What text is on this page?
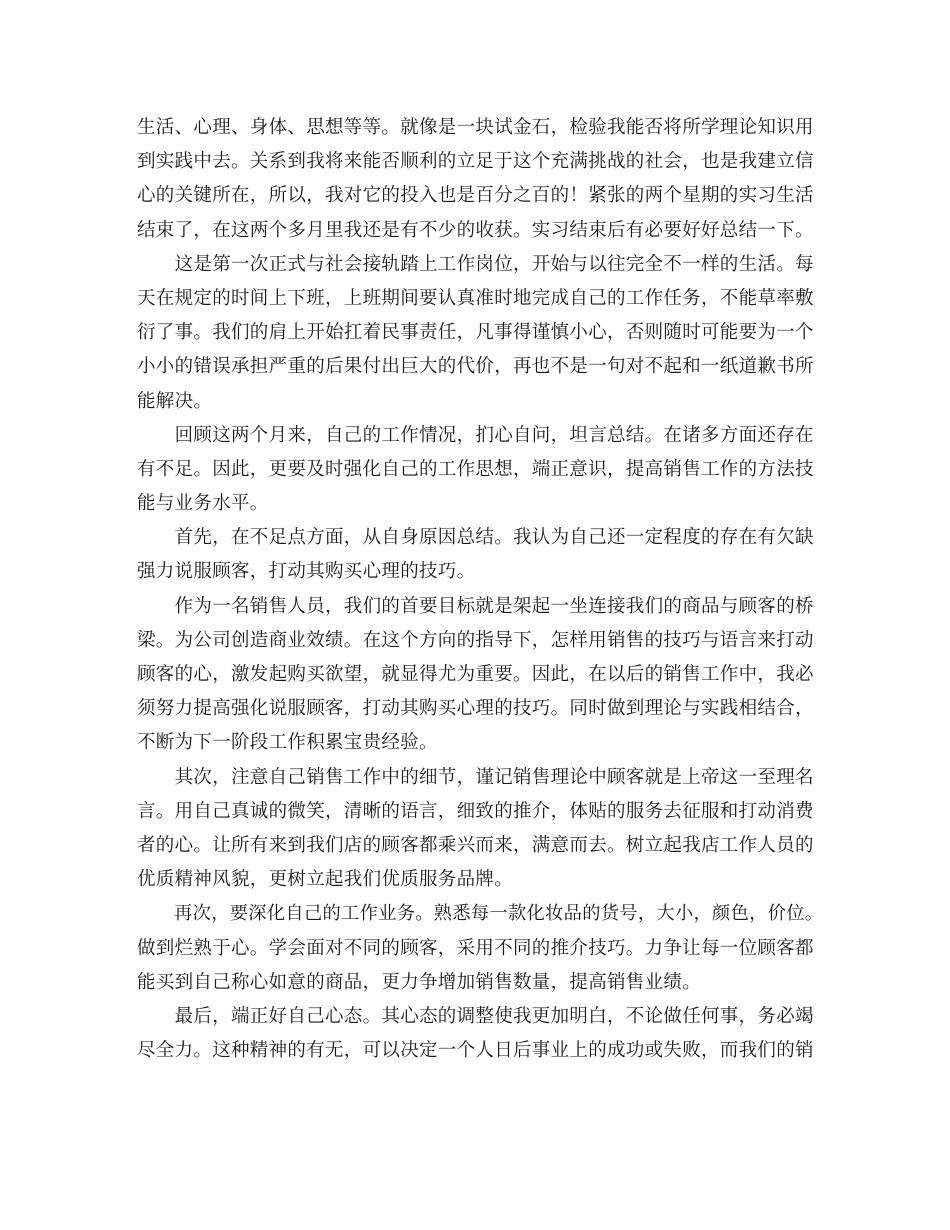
生活、心理、身体、思想等等。就像是一块试金石，检验我能否将所学理论知识用
到实践中去。关系到我将来能否顺利的立足于这个充满挑战的社会，也是我建立信
心的关键所在，所以，我对它的投入也是百分之百的！紧张的两个星期的实习生活
结束了，在这两个多月里我还是有不少的收获。实习结束后有必要好好总结一下。
　　这是第一次正式与社会接轨踏上工作岗位，开始与以往完全不一样的生活。每
天在规定的时间上下班，上班期间要认真准时地完成自己的工作任务，不能草率敷
衍了事。我们的肩上开始扛着民事责任，凡事得谨慎小心，否则随时可能要为一个
小小的错误承担严重的后果付出巨大的代价，再也不是一句对不起和一纸道歉书所
能解决。
　　回顾这两个月来，自己的工作情况，扪心自问，坦言总结。在诸多方面还存在
有不足。因此，更要及时强化自己的工作思想，端正意识，提高销售工作的方法技
能与业务水平。
　　首先，在不足点方面，从自身原因总结。我认为自己还一定程度的存在有欠缺
强力说服顾客，打动其购买心理的技巧。
　　作为一名销售人员，我们的首要目标就是架起一坐连接我们的商品与顾客的桥
梁。为公司创造商业效绩。在这个方向的指导下，怎样用销售的技巧与语言来打动
顾客的心，激发起购买欲望，就显得尤为重要。因此，在以后的销售工作中，我必
须努力提高强化说服顾客，打动其购买心理的技巧。同时做到理论与实践相结合，
不断为下一阶段工作积累宝贵经验。
　　其次，注意自己销售工作中的细节，谨记销售理论中顾客就是上帝这一至理名
言。用自己真诚的微笑，清晰的语言，细致的推介，体贴的服务去征服和打动消费
者的心。让所有来到我们店的顾客都乘兴而来，满意而去。树立起我店工作人员的
优质精神风貌，更树立起我们优质服务品牌。
　　再次，要深化自己的工作业务。熟悉每一款化妆品的货号，大小，颜色，价位。
做到烂熟于心。学会面对不同的顾客，采用不同的推介技巧。力争让每一位顾客都
能买到自己称心如意的商品，更力争增加销售数量，提高销售业绩。
　　最后，端正好自己心态。其心态的调整使我更加明白，不论做任何事，务必竭
尽全力。这种精神的有无，可以决定一个人日后事业上的成功或失败，而我们的销
